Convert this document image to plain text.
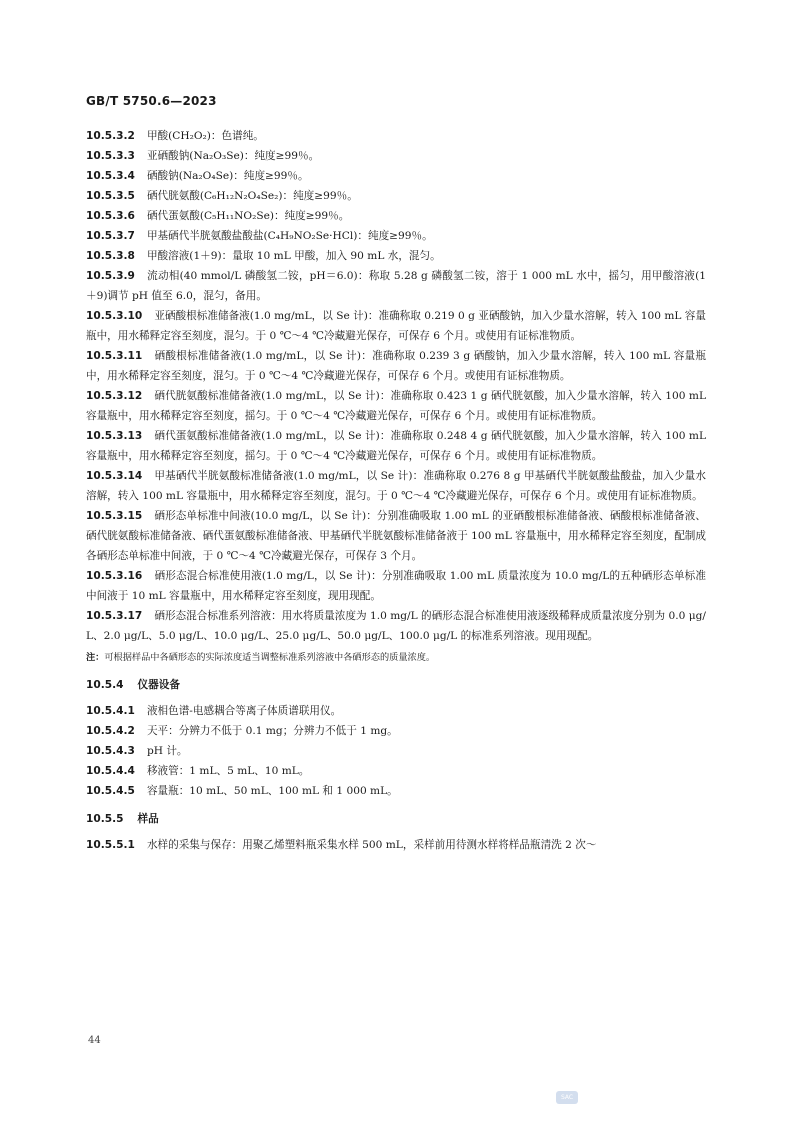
GB/T 5750.6—2023
10.5.3.2 甲酸(CH₂O₂)：色谱纯。
10.5.3.3 亚硒酸钠(Na₂O₃Se)：纯度≥99％。
10.5.3.4 硒酸钠(Na₂O₄Se)：纯度≥99％。
10.5.3.5 硒代胱氨酸(C₆H₁₂N₂O₄Se₂)：纯度≥99％。
10.5.3.6 硒代蛋氨酸(C₅H₁₁NO₂Se)：纯度≥99％。
10.5.3.7 甲基硒代半胱氨酸盐酸盐(C₄H₉NO₂Se·HCl)：纯度≥99％。
10.5.3.8 甲酸溶液(1＋9)：量取 10 mL 甲酸，加入 90 mL 水，混匀。
10.5.3.9 流动相(40 mmol/L 磷酸氢二铵，pH＝6.0)：称取 5.28 g 磷酸氢二铵，溶于 1 000 mL 水中，摇匀，用甲酸溶液(1＋9)调节 pH 值至 6.0，混匀，备用。
10.5.3.10 亚硒酸根标准储备液(1.0 mg/mL，以 Se 计)：准确称取 0.219 0 g 亚硒酸钠，加入少量水溶解，转入 100 mL 容量瓶中，用水稀释定容至刻度，混匀。于 0 ℃～4 ℃冷藏避光保存，可保存 6 个月。或使用有证标准物质。
10.5.3.11 硒酸根标准储备液(1.0 mg/mL，以 Se 计)：准确称取 0.239 3 g 硒酸钠，加入少量水溶解，转入 100 mL 容量瓶中，用水稀释定容至刻度，混匀。于 0 ℃～4 ℃冷藏避光保存，可保存 6 个月。或使用有证标准物质。
10.5.3.12 硒代胱氨酸标准储备液(1.0 mg/mL，以 Se 计)：准确称取 0.423 1 g 硒代胱氨酸，加入少量水溶解，转入 100 mL 容量瓶中，用水稀释定容至刻度，摇匀。于 0 ℃～4 ℃冷藏避光保存，可保存 6 个月。或使用有证标准物质。
10.5.3.13 硒代蛋氨酸标准储备液(1.0 mg/mL，以 Se 计)：准确称取 0.248 4 g 硒代胱氨酸，加入少量水溶解，转入 100 mL 容量瓶中，用水稀释定容至刻度，摇匀。于 0 ℃～4 ℃冷藏避光保存，可保存 6 个月。或使用有证标准物质。
10.5.3.14 甲基硒代半胱氨酸标准储备液(1.0 mg/mL，以 Se 计)：准确称取 0.276 8 g 甲基硒代半胱氨酸盐酸盐，加入少量水溶解，转入 100 mL 容量瓶中，用水稀释定容至刻度，混匀。于 0 ℃～4 ℃冷藏避光保存，可保存 6 个月。或使用有证标准物质。
10.5.3.15 硒形态单标准中间液(10.0 mg/L，以 Se 计)：分别准确吸取 1.00 mL 的亚硒酸根标准储备液、硒酸根标准储备液、硒代胱氨酸标准储备液、硒代蛋氨酸标准储备液、甲基硒代半胱氨酸标准储备液于 100 mL 容量瓶中，用水稀释定容至刻度，配制成各硒形态单标准中间液，于 0 ℃～4 ℃冷藏避光保存，可保存 3 个月。
10.5.3.16 硒形态混合标准使用液(1.0 mg/L，以 Se 计)：分别准确吸取 1.00 mL 质量浓度为 10.0 mg/L的五种硒形态单标准中间液于 10 mL 容量瓶中，用水稀释定容至刻度，现用现配。
10.5.3.17 硒形态混合标准系列溶液：用水将质量浓度为 1.0 mg/L 的硒形态混合标准使用液逐级稀释成质量浓度分别为 0.0 μg/L、2.0 μg/L、5.0 μg/L、10.0 μg/L、25.0 μg/L、50.0 μg/L、100.0 μg/L 的标准系列溶液。现用现配。
注：可根据样品中各硒形态的实际浓度适当调整标准系列溶液中各硒形态的质量浓度。
10.5.4 仪器设备
10.5.4.1 液相色谱-电感耦合等离子体质谱联用仪。
10.5.4.2 天平：分辨力不低于 0.1 mg；分辨力不低于 1 mg。
10.5.4.3 pH 计。
10.5.4.4 移液管：1 mL、5 mL、10 mL。
10.5.4.5 容量瓶：10 mL、50 mL、100 mL 和 1 000 mL。
10.5.5 样品
10.5.5.1 水样的采集与保存：用聚乙烯塑料瓶采集水样 500 mL，采样前用待测水样将样品瓶清洗 2 次～
44
SAC
